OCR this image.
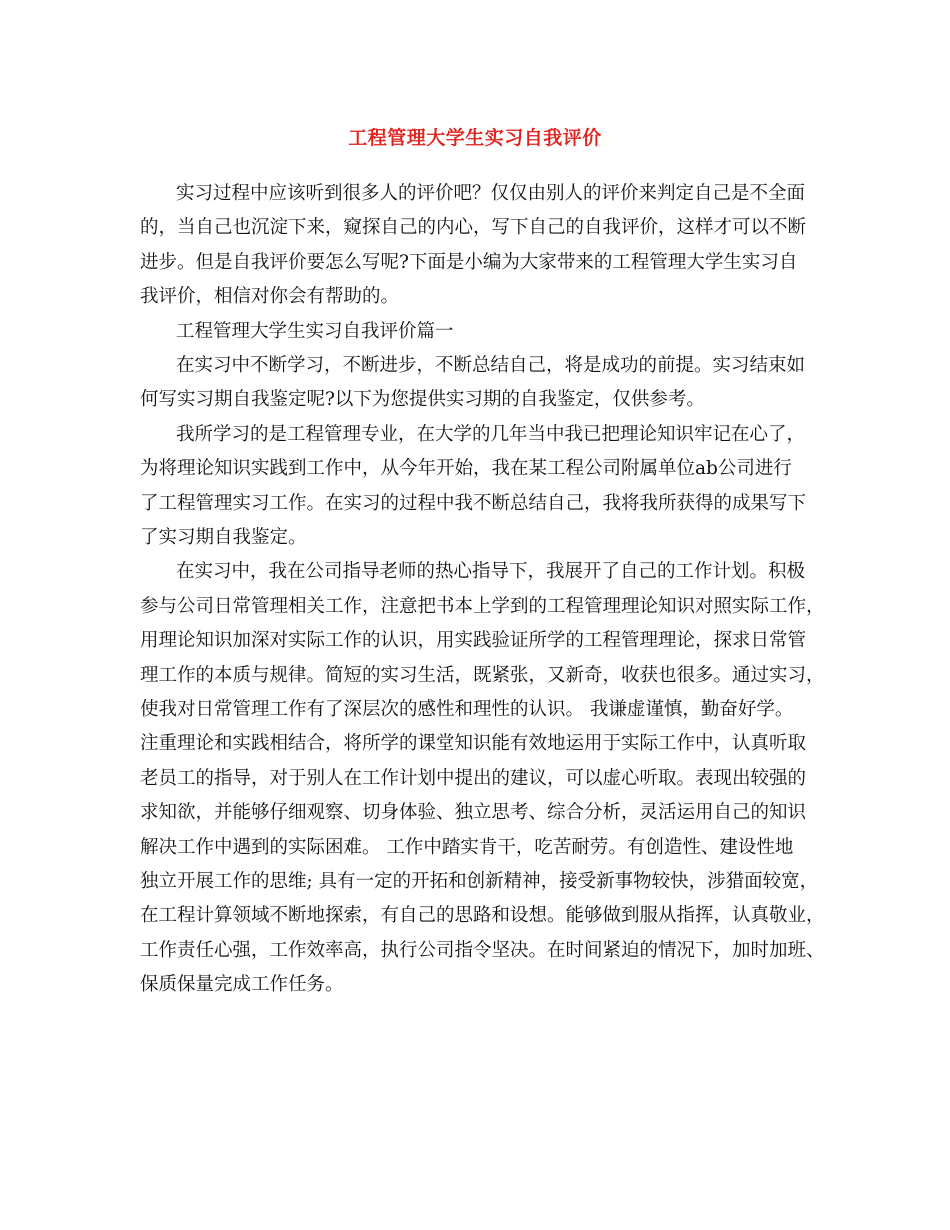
工程管理大学生实习自我评价
实习过程中应该听到很多人的评价吧？仅仅由别人的评价来判定自己是不全面
的，当自己也沉淀下来，窥探自己的内心，写下自己的自我评价，这样才可以不断
进步。但是自我评价要怎么写呢?下面是小编为大家带来的工程管理大学生实习自
我评价，相信对你会有帮助的。
工程管理大学生实习自我评价篇一
在实习中不断学习，不断进步，不断总结自己，将是成功的前提。实习结束如
何写实习期自我鉴定呢?以下为您提供实习期的自我鉴定，仅供参考。
我所学习的是工程管理专业，在大学的几年当中我已把理论知识牢记在心了，
为将理论知识实践到工作中，从今年开始，我在某工程公司附属单位ab公司进行
了工程管理实习工作。在实习的过程中我不断总结自己，我将我所获得的成果写下
了实习期自我鉴定。
在实习中，我在公司指导老师的热心指导下，我展开了自己的工作计划。积极
参与公司日常管理相关工作，注意把书本上学到的工程管理理论知识对照实际工作，
用理论知识加深对实际工作的认识，用实践验证所学的工程管理理论，探求日常管
理工作的本质与规律。简短的实习生活，既紧张，又新奇，收获也很多。通过实习，
使我对日常管理工作有了深层次的感性和理性的认识。 我谦虚谨慎，勤奋好学。
注重理论和实践相结合，将所学的课堂知识能有效地运用于实际工作中，认真听取
老员工的指导，对于别人在工作计划中提出的建议，可以虚心听取。表现出较强的
求知欲，并能够仔细观察、切身体验、独立思考、综合分析，灵活运用自己的知识
解决工作中遇到的实际困难。 工作中踏实肯干，吃苦耐劳。有创造性、建设性地
独立开展工作的思维; 具有一定的开拓和创新精神，接受新事物较快，涉猎面较宽，
在工程计算领域不断地探索，有自己的思路和设想。能够做到服从指挥，认真敬业，
工作责任心强，工作效率高，执行公司指令坚决。在时间紧迫的情况下，加时加班、
保质保量完成工作任务。
